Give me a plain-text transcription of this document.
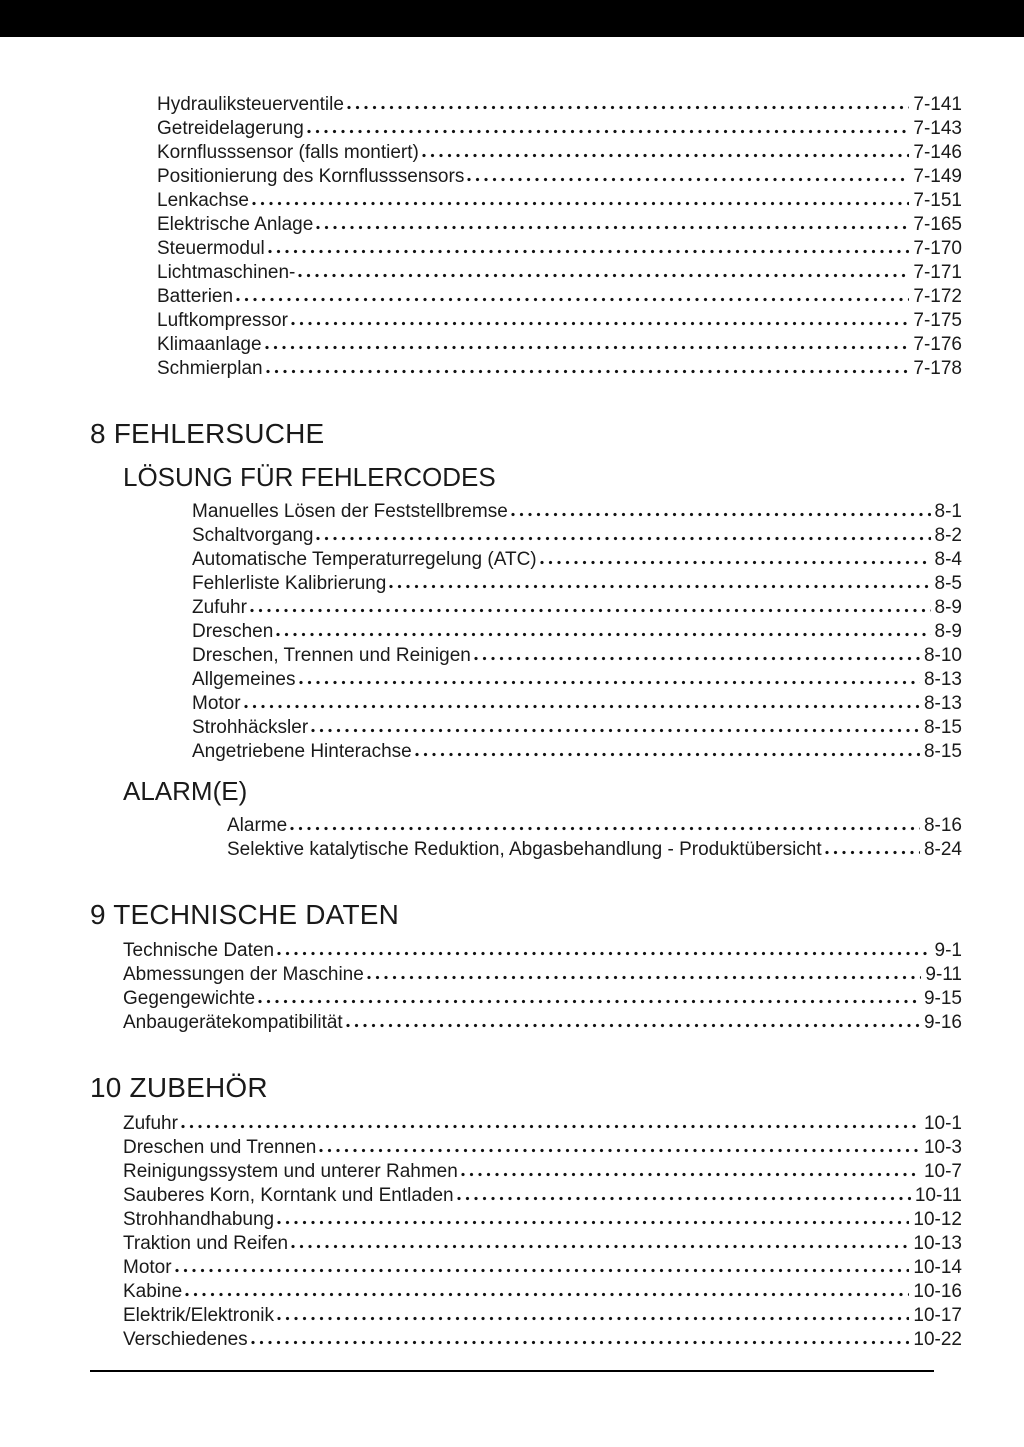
Hydrauliksteuerventile	7-141
Getreidelagerung	7-143
Kornflusssensor (falls montiert)	7-146
Positionierung des Kornflusssensors	7-149
Lenkachse	7-151
Elektrische Anlage	7-165
Steuermodul	7-170
Lichtmaschinen-	7-171
Batterien	7-172
Luftkompressor	7-175
Klimaanlage	7-176
Schmierplan	7-178
8 FEHLERSUCHE
LÖSUNG FÜR FEHLERCODES
Manuelles Lösen der Feststellbremse	8-1
Schaltvorgang	8-2
Automatische Temperaturregelung (ATC)	8-4
Fehlerliste Kalibrierung	8-5
Zufuhr	8-9
Dreschen	8-9
Dreschen, Trennen und Reinigen	8-10
Allgemeines	8-13
Motor	8-13
Strohhäcksler	8-15
Angetriebene Hinterachse	8-15
ALARM(E)
Alarme	8-16
Selektive katalytische Reduktion, Abgasbehandlung - Produktübersicht	8-24
9 TECHNISCHE DATEN
Technische Daten	9-1
Abmessungen der Maschine	9-11
Gegengewichte	9-15
Anbaugerätekompatibilität	9-16
10 ZUBEHÖR
Zufuhr	10-1
Dreschen und Trennen	10-3
Reinigungssystem und unterer Rahmen	10-7
Sauberes Korn, Korntank und Entladen	10-11
Strohhandhabung	10-12
Traktion und Reifen	10-13
Motor	10-14
Kabine	10-16
Elektrik/Elektronik	10-17
Verschiedenes	10-22
